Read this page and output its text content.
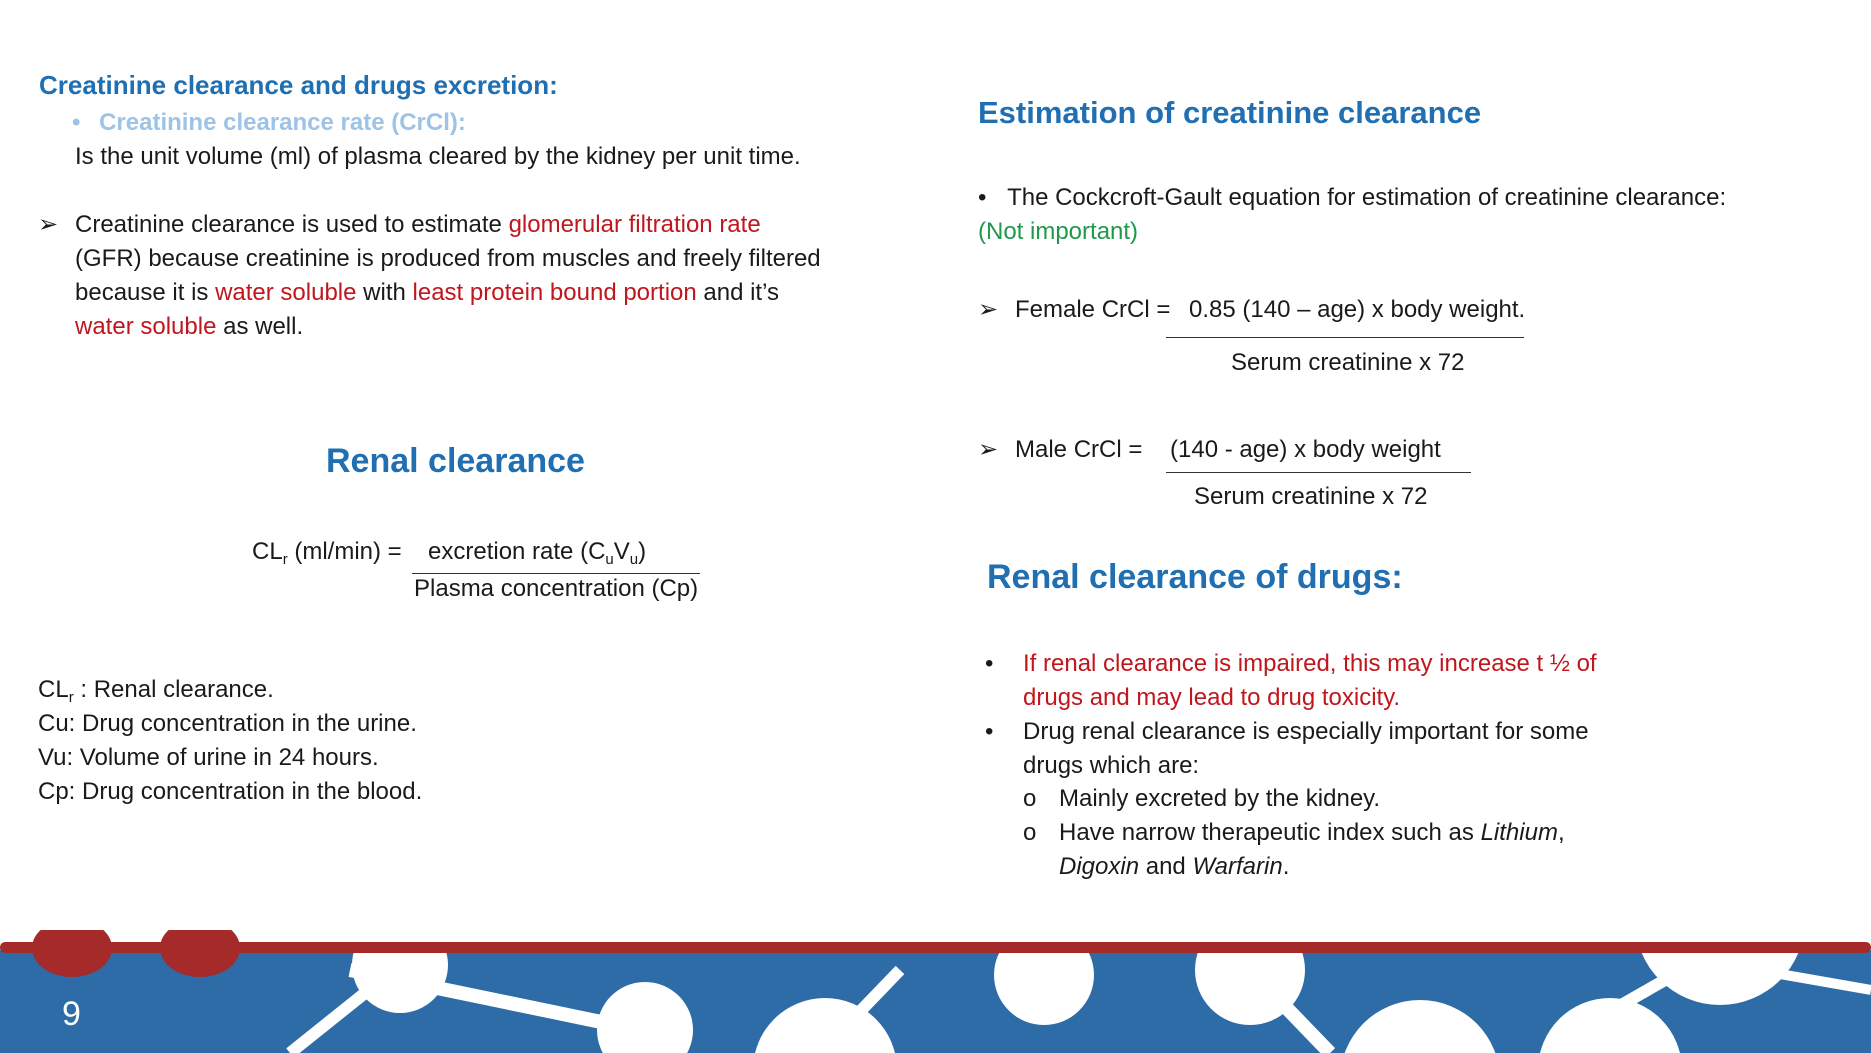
Creatinine clearance and drugs excretion:
• Creatinine clearance rate (CrCl):
Is the unit volume (ml) of plasma cleared by the kidney per unit time.
➢ Creatinine clearance is used to estimate glomerular filtration rate
(GFR) because creatinine is produced from muscles and freely filtered
because it is water soluble with least protein bound portion and it’s
water soluble as well.
Renal clearance
$CL_r$ (ml/min) = excretion rate $(C_uV_u)$
Plasma concentration (Cp)
$CL_r$ : Renal clearance.
Cu: Drug concentration in the urine.
Vu: Volume of urine in 24 hours.
Cp: Drug concentration in the blood.
Estimation of creatinine clearance
• The Cockcroft-Gault equation for estimation of creatinine clearance:
(Not important)
➢ Female CrCl = 0.85 (140 – age) x body weight.
Serum creatinine x 72
➢ Male CrCl = (140 - age) x body weight
Serum creatinine x 72
Renal clearance of drugs:
• If renal clearance is impaired, this may increase t ½ of
drugs and may lead to drug toxicity.
• Drug renal clearance is especially important for some
drugs which are:
o Mainly excreted by the kidney.
o Have narrow therapeutic index such as Lithium,
Digoxin and Warfarin.
9
